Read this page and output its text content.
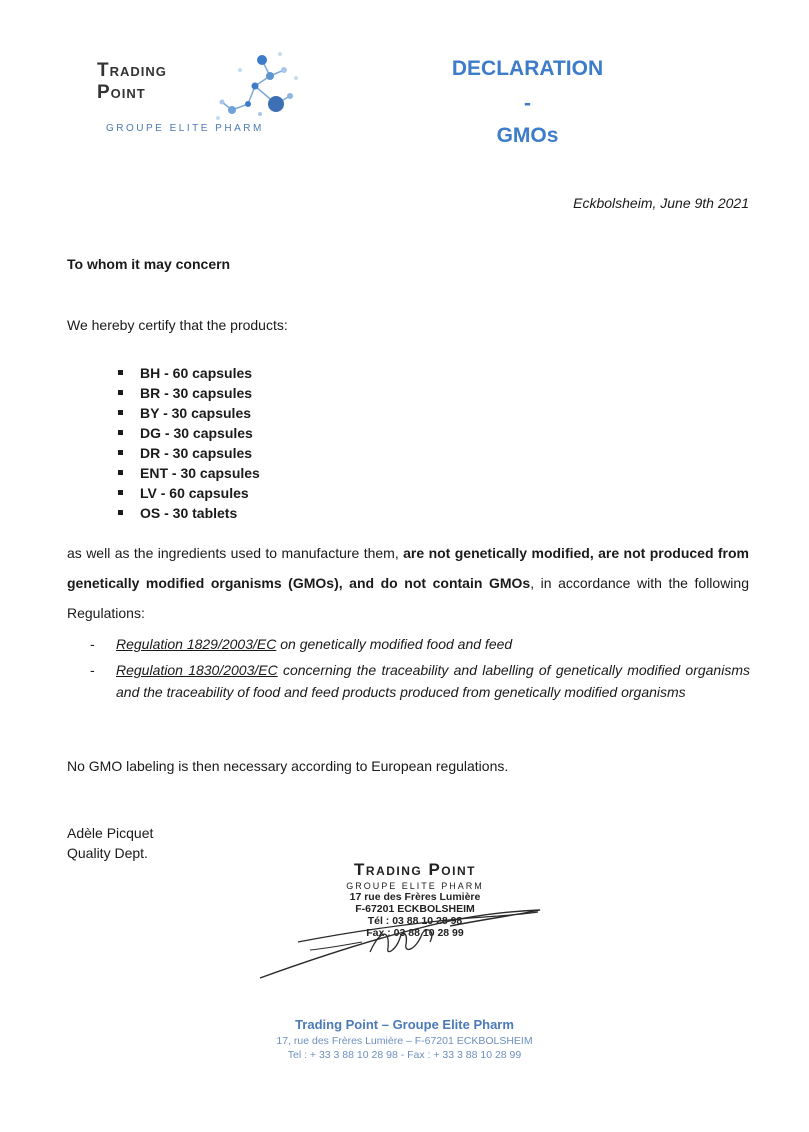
Trading
Point
GROUPE ELITE PHARM
DECLARATION
-
GMOs
Eckbolsheim, June 9th 2021
To whom it may concern
We hereby certify that the products:
BH - 60 capsules
BR - 30 capsules
BY - 30 capsules
DG - 30 capsules
DR - 30 capsules
ENT - 30 capsules
LV - 60 capsules
OS - 30 tablets
as well as the ingredients used to manufacture them, are not genetically modified, are not produced from genetically modified organisms (GMOs), and do not contain GMOs, in accordance with the following Regulations:
- Regulation 1829/2003/EC on genetically modified food and feed
- Regulation 1830/2003/EC concerning the traceability and labelling of genetically modified organisms and the traceability of food and feed products produced from genetically modified organisms
No GMO labeling is then necessary according to European regulations.
Adèle Picquet
Quality Dept.
Trading Point
GROUPE ELITE PHARM
17 rue des Frères Lumière
F-67201 ECKBOLSHEIM
Tél : 03 88 10 28 98
Fax : 03 88 10 28 99
Trading Point – Groupe Elite Pharm
17, rue des Frères Lumière – F-67201 ECKBOLSHEIM
Tel : + 33 3 88 10 28 98 - Fax : + 33 3 88 10 28 99
